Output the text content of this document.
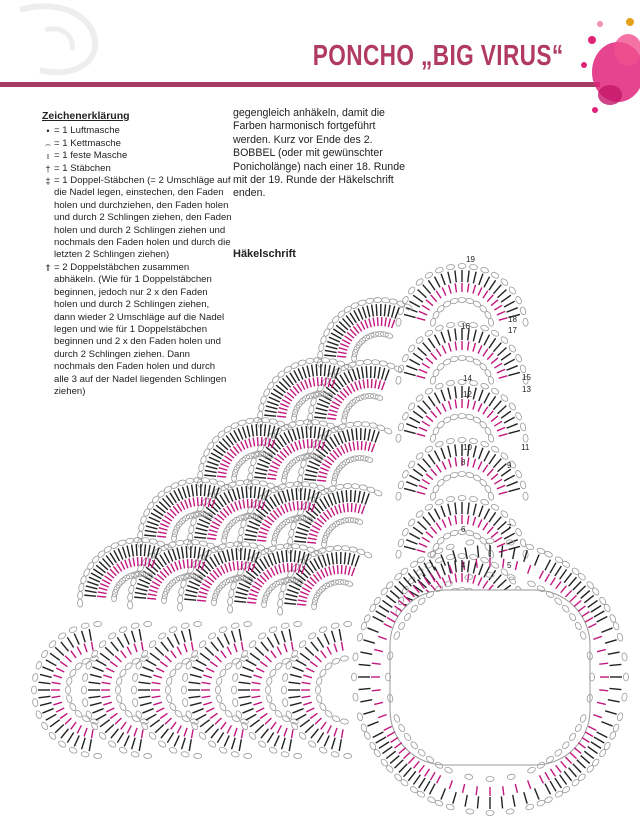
PONCHO „BIG VIRUS“
Zeichenerklärung
• = 1 Luftmasche
⌢ = 1 Kettmasche
ı = 1 feste Masche
† = 1 Stäbchen
‡ = 1 Doppel-Stäbchen (= 2 Umschläge auf die Nadel legen, einstechen, den Faden holen und durchziehen, den Faden holen und durch 2 Schlingen ziehen, den Faden holen und durch 2 Schlingen ziehen und nochmals den Faden holen und durch die letzten 2 Schlingen ziehen)
⇑ = 2 Doppelstäbchen zusammen abhäkeln. (Wie für 1 Doppelstäbchen beginnen, jedoch nur 2 x den Faden holen und durch 2 Schlingen ziehen, dann wieder 2 Umschläge auf die Nadel legen und wie für 1 Doppelstäbchen beginnen und 2 x den Faden holen und durch 2 Schlingen ziehen. Dann nochmals den Faden holen und durch alle 3 auf der Nadel liegenden Schlingen ziehen)
gegengleich anhäkeln, damit die Farben harmonisch fortgeführt werden. Kurz vor Ende des 2. BOBBEL (oder mit gewünschter Ponicholänge) nach einer 18. Runde mit der 19. Runde der Häkelschrift enden.
Häkelschrift	19
18
17
16
15
14
13
12
11
10
9
8
7
6
5
4
